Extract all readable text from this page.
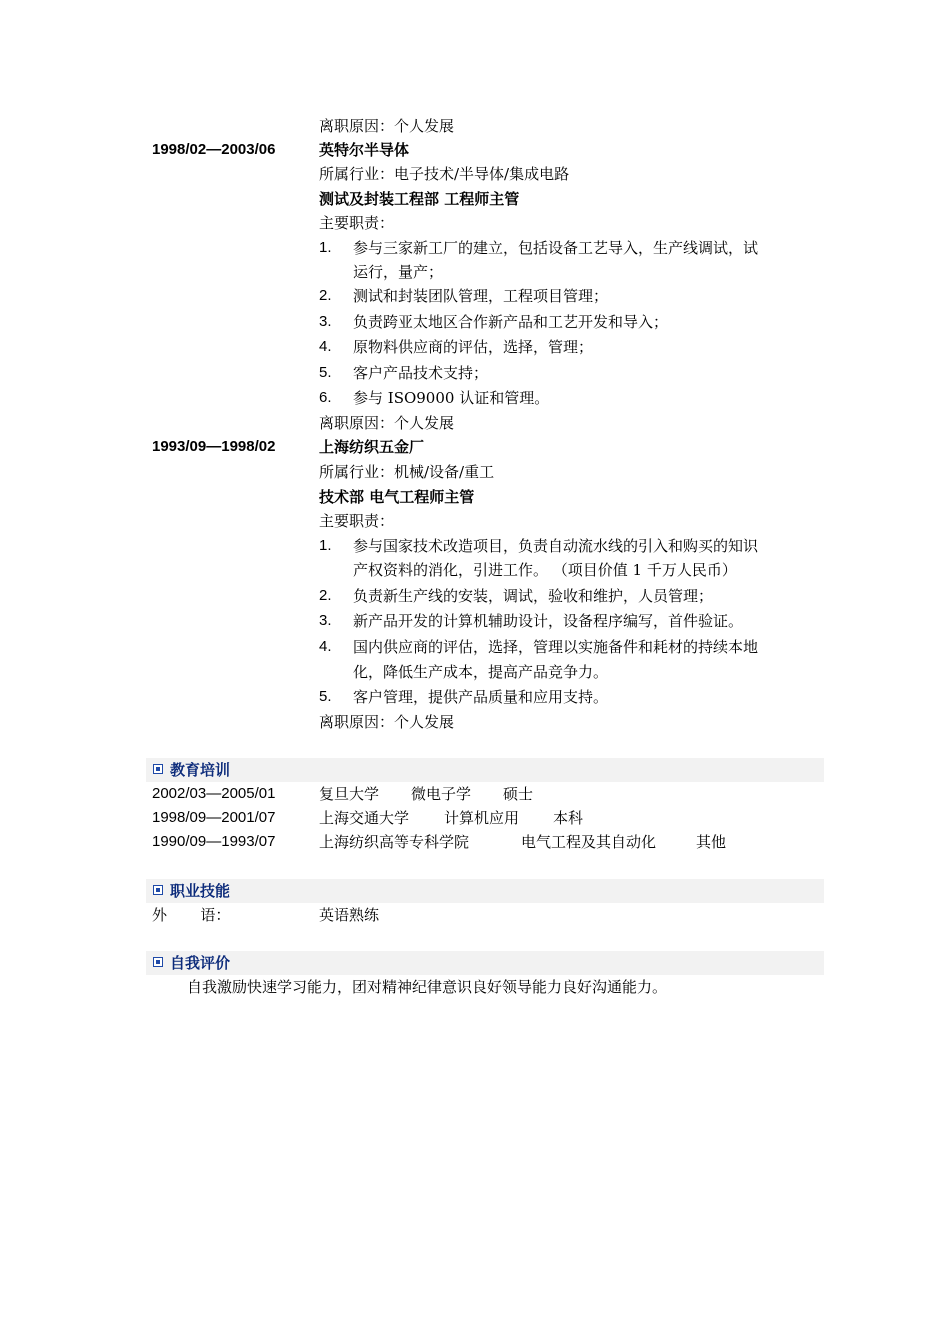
离职原因：个人发展
1998/02—2003/06	英特尔半导体
所属行业：电子技术/半导体/集成电路
测试及封装工程部 工程师主管
主要职责：
1. 参与三家新工厂的建立，包括设备工艺导入，生产线调试，试
运行，量产；
2. 测试和封装团队管理，工程项目管理；
3. 负责跨亚太地区合作新产品和工艺开发和导入；
4. 原物料供应商的评估，选择，管理；
5. 客户产品技术支持；
6. 参与 ISO9000 认证和管理。
离职原因：个人发展
1993/09—1998/02	上海纺织五金厂
所属行业：机械/设备/重工
技术部 电气工程师主管
主要职责：
1. 参与国家技术改造项目，负责自动流水线的引入和购买的知识
产权资料的消化，引进工作。 （项目价值 1 千万人民币）
2. 负责新生产线的安装，调试，验收和维护，人员管理；
3. 新产品开发的计算机辅助设计，设备程序编写，首件验证。
4. 国内供应商的评估，选择，管理以实施备件和耗材的持续本地
化，降低生产成本，提高产品竞争力。
5. 客户管理，提供产品质量和应用支持。
离职原因：个人发展
教育培训
2002/03—2005/01	复旦大学 微电子学 硕士
1998/09—2001/07	上海交通大学 计算机应用 本科
1990/09—1993/07	上海纺织高等专科学院	电气工程及其自动化	其他
职业技能
外       语：	英语熟练
自我评价
自我激励快速学习能力，团对精神纪律意识良好领导能力良好沟通能力。
